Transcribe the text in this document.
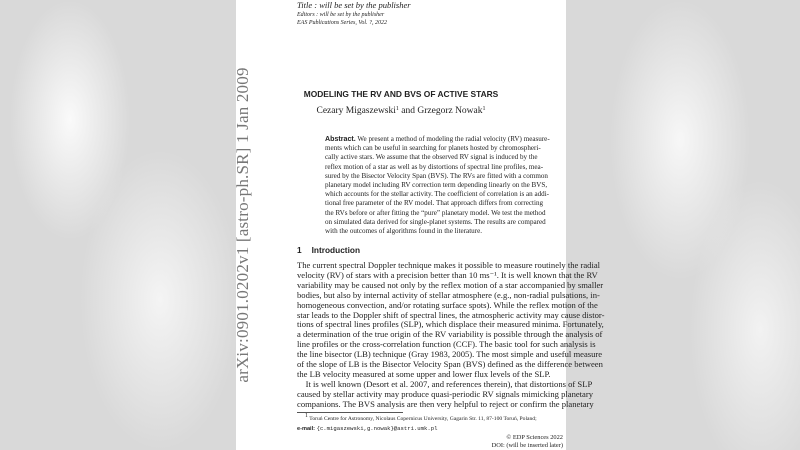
arXiv:0901.0202v1 [astro-ph.SR] 1 Jan 2009
Title : will be set by the publisher
Editors : will be set by the publisher
EAS Publications Series, Vol. ?, 2022
MODELING THE RV AND BVS OF ACTIVE STARS
Cezary Migaszewski$^1$ and Grzegorz Nowak$^1$
Abstract. We present a method of modeling the radial velocity (RV) measure-
ments which can be useful in searching for planets hosted by chromospheri-
cally active stars. We assume that the observed RV signal is induced by the
reflex motion of a star as well as by distortions of spectral line profiles, mea-
sured by the Bisector Velocity Span (BVS). The RVs are fitted with a common
planetary model including RV correction term depending linearly on the BVS,
which accounts for the stellar activity. The coefficient of correlation is an addi-
tional free parameter of the RV model. That approach differs from correcting
the RVs before or after fitting the “pure” planetary model. We test the method
on simulated data derived for single-planet systems. The results are compared
with the outcomes of algorithms found in the literature.
1 Introduction
The current spectral Doppler technique makes it possible to measure routinely the radial
velocity (RV) of stars with a precision better than 10 ms⁻¹. It is well known that the RV
variability may be caused not only by the reflex motion of a star accompanied by smaller
bodies, but also by internal activity of stellar atmosphere (e.g., non-radial pulsations, in-
homogeneous convection, and/or rotating surface spots). While the reflex motion of the
star leads to the Doppler shift of spectral lines, the atmospheric activity may cause distor-
tions of spectral lines profiles (SLP), which displace their measured minima. Fortunately,
a determination of the true origin of the RV variability is possible through the analysis of
line profiles or the cross-correlation function (CCF). The basic tool for such analysis is
the line bisector (LB) technique (Gray 1983, 2005). The most simple and useful measure
of the slope of LB is the Bisector Velocity Span (BVS) defined as the difference between
the LB velocity measured at some upper and lower flux levels of the SLP.
It is well known (Desort et al. 2007, and references therein), that distortions of SLP
caused by stellar activity may produce quasi-periodic RV signals mimicking planetary
companions. The BVS analysis are then very helpful to reject or confirm the planetary
$^1$ Toruń Centre for Astronomy, Nicolaus Copernicus University, Gagarin Str. 11, 87-100 Toruń, Poland;
e-mail: {c.migaszewski,g.nowak}@astri.umk.pl
© EDP Sciences 2022
DOI: (will be inserted later)
